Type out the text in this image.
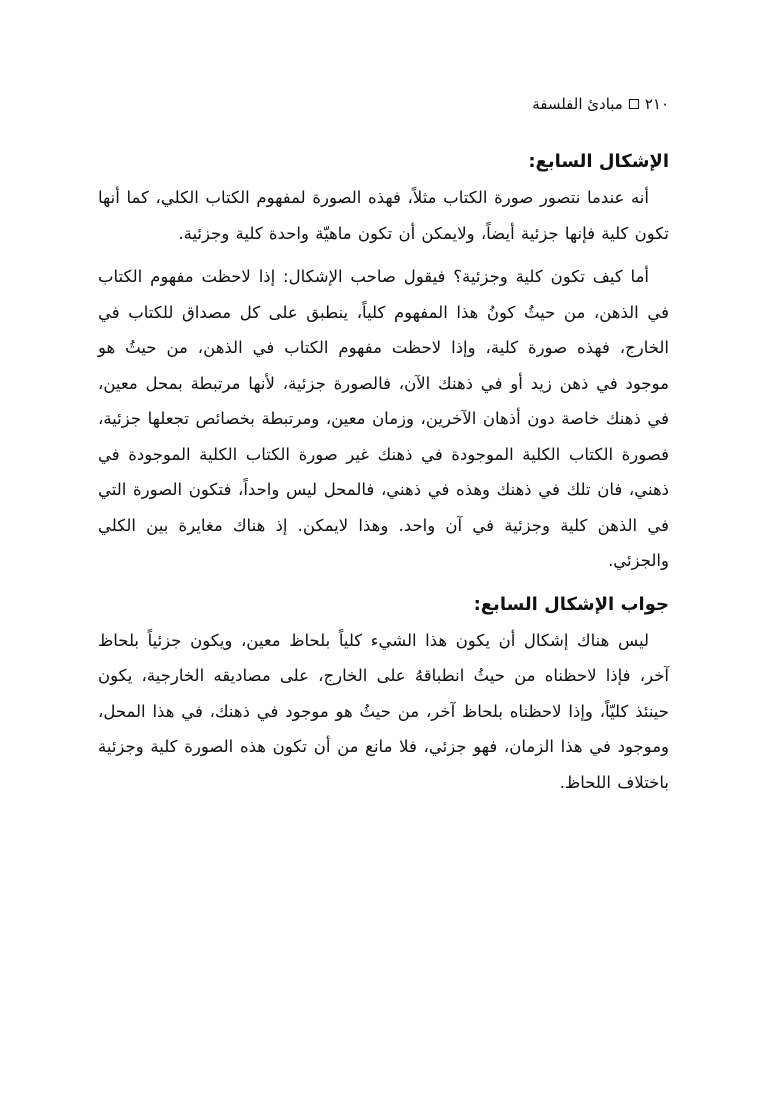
٢١٠
مبادئ الفلسفة
الإشكال السابع:

أنه عندما نتصور صورة الكتاب مثلاً، فهذه الصورة لمفهوم الكتاب الكلي، كما أنها تكون كلية فإنها جزئية أيضاً، ولايمكن أن تكون ماهيّة واحدة كلية وجزئية.

أما كيف تكون كلية وجزئية؟ فيقول صاحب الإشكال: إذا لاحظت مفهوم الكتاب في الذهن، من حيثُ كونُ هذا المفهوم كلياً، ينطبق على كل مصداق للكتاب في الخارج، فهذه صورة كلية، وإذا لاحظت مفهوم الكتاب في الذهن، من حيثُ هو موجود في ذهن زيد أو في ذهنك الآن، فالصورة جزئية، لأنها مرتبطة بمحل معين، في ذهنك خاصة دون أذهان الآخرين، وزمان معين، ومرتبطة بخصائص تجعلها جزئية، فصورة الكتاب الكلية الموجودة في ذهنك غير صورة الكتاب الكلية الموجودة في ذهني، فان تلك في ذهنك وهذه في ذهني، فالمحل ليس واحداً، فتكون الصورة التي في الذهن كلية وجزئية في آن واحد. وهذا لايمكن. إذ هناك مغايرة بين الكلي والجزئي.

جواب الإشكال السابع:

ليس هناك إشكال أن يكون هذا الشيء كلياً بلحاظ معين، ويكون جزئياً بلحاظ آخر، فإذا لاحظناه من حيثُ انطباقهُ على الخارج، على مصاديقه الخارجية، يكون حينئذ كليّاً، وإذا لاحظناه بلحاظ آخر، من حيثُ هو موجود في ذهنك، في هذا المحل، وموجود في هذا الزمان، فهو جزئي، فلا مانع من أن تكون هذه الصورة كلية وجزئية باختلاف اللحاظ.
